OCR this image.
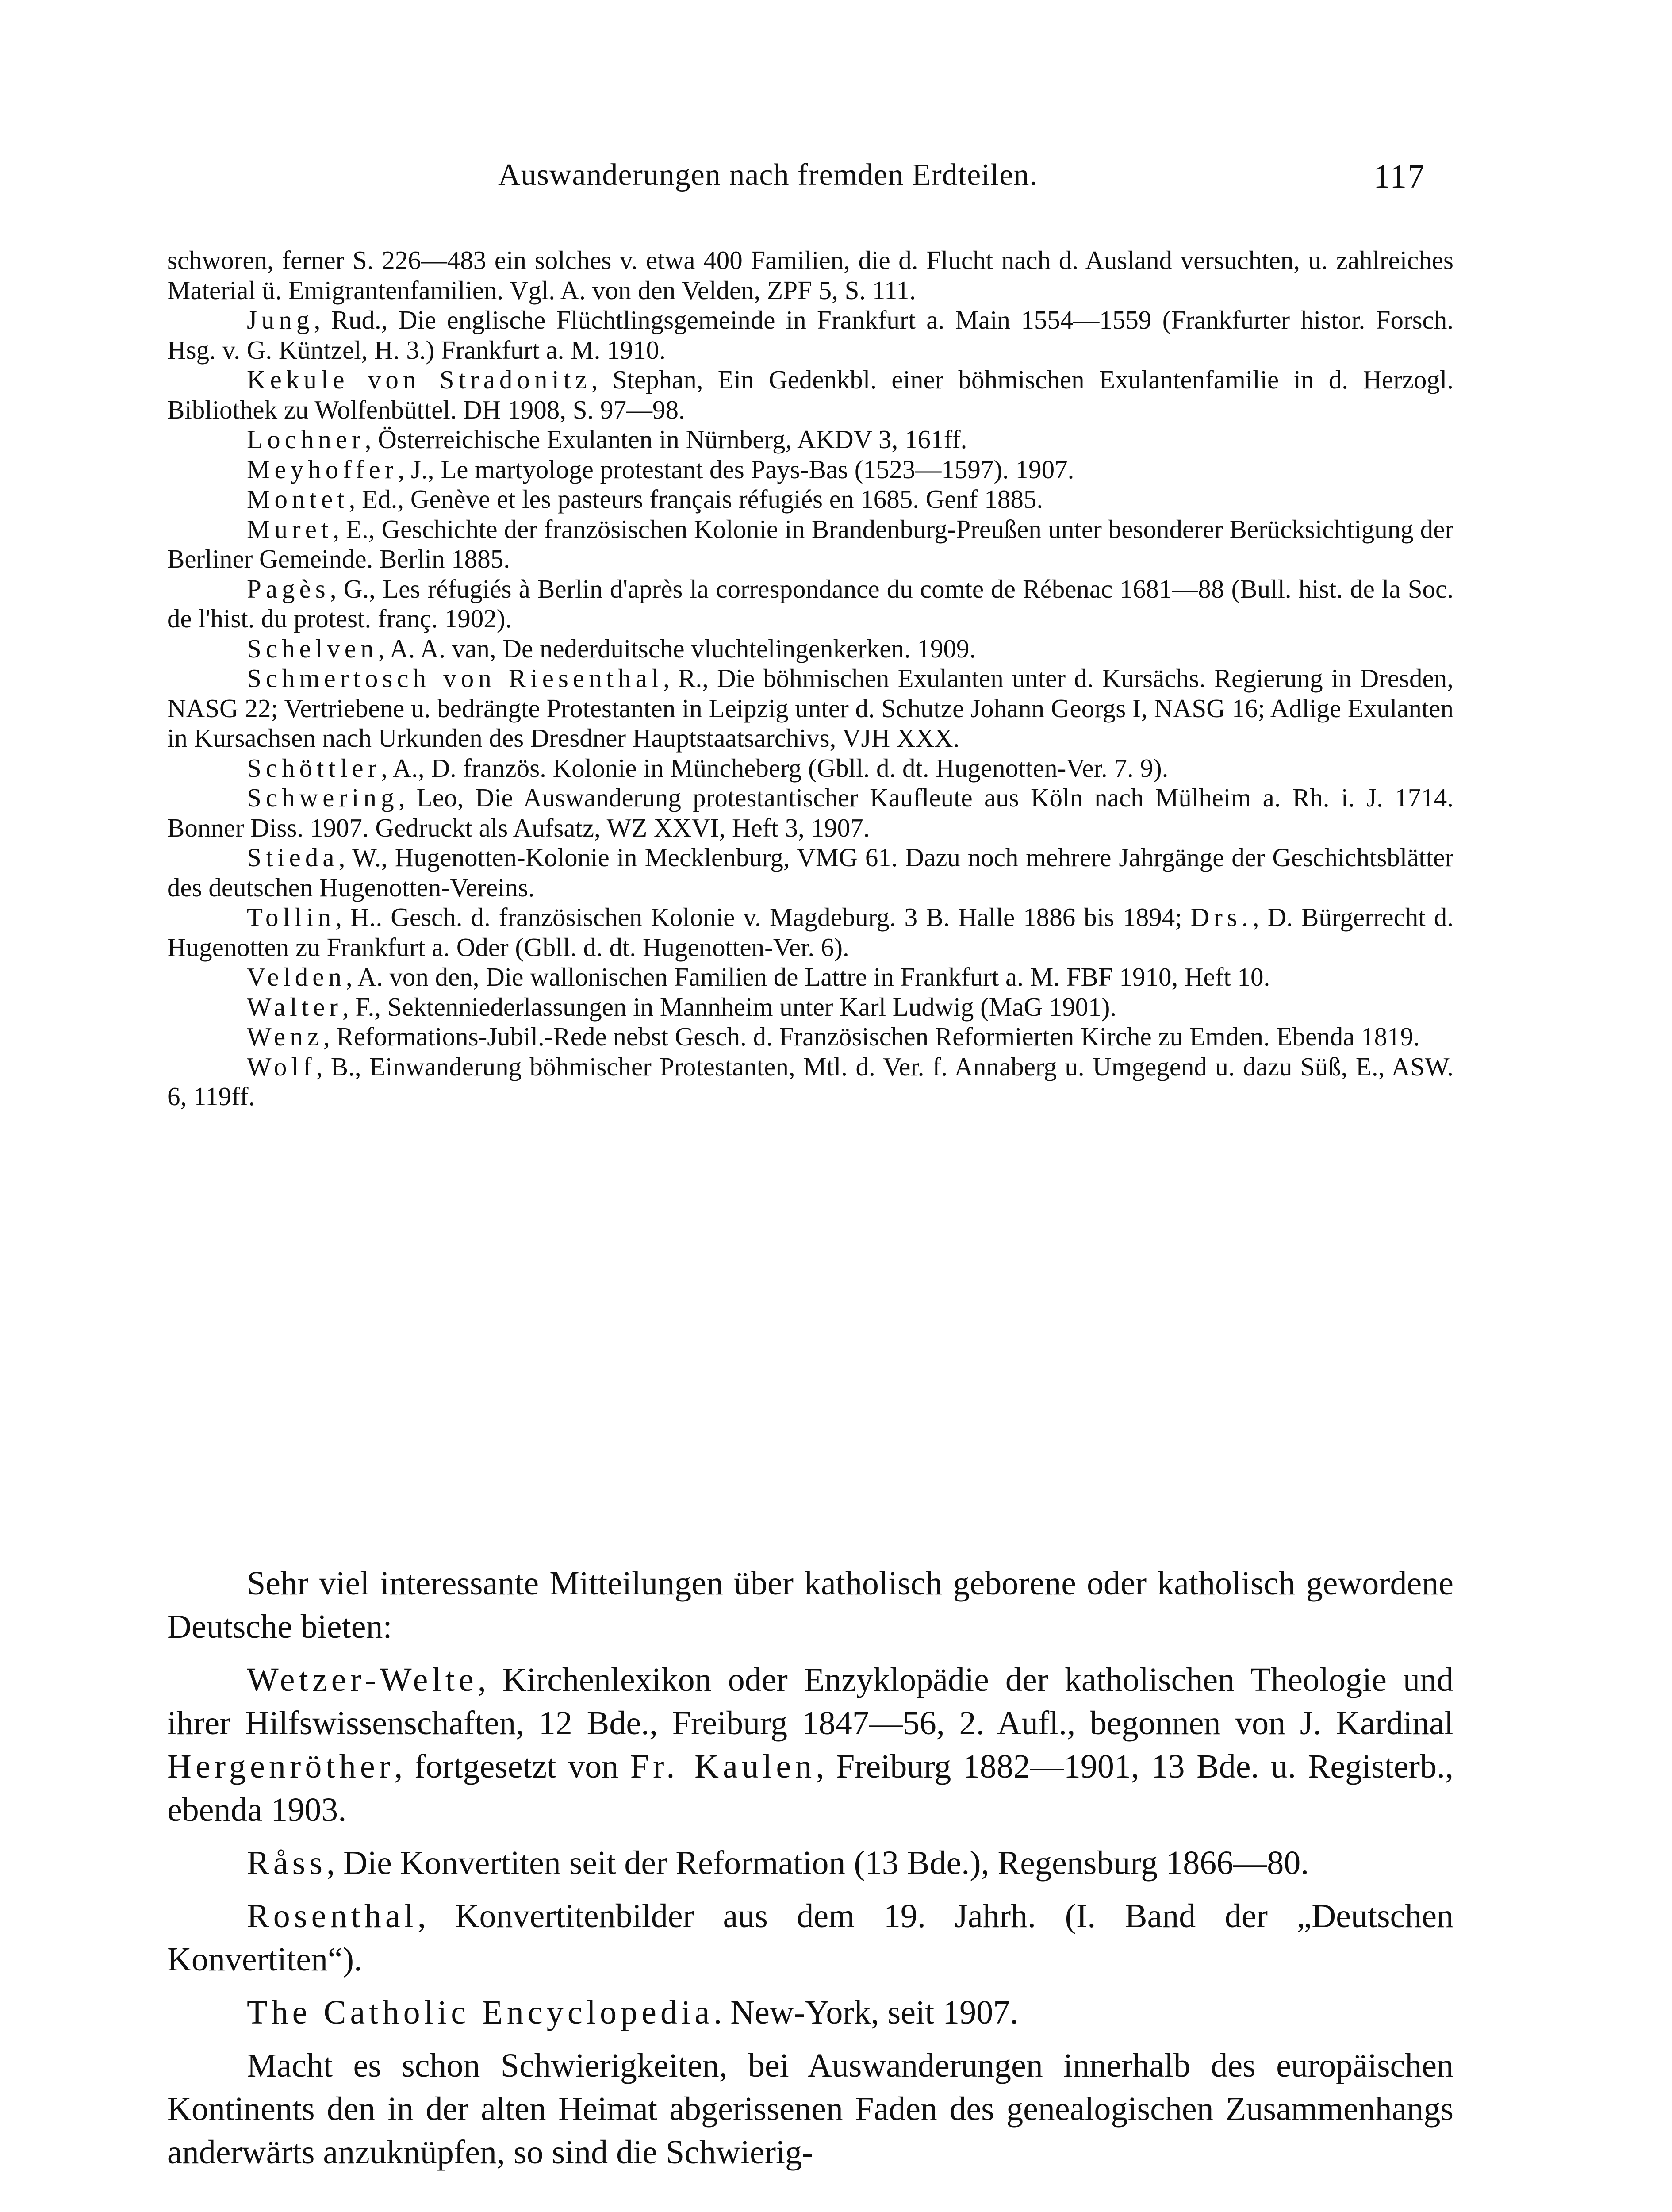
Auswanderungen nach fremden Erdteilen.	117

schworen, ferner S. 226—483 ein solches v. etwa 400 Familien, die d. Flucht nach d. Ausland versuchten, u. zahlreiches Material ü. Emigrantenfamilien. Vgl. A. von den Velden, ZPF 5, S. 111.

Jung, Rud., Die englische Flüchtlingsgemeinde in Frankfurt a. Main 1554—1559 (Frankfurter histor. Forsch. Hsg. v. G. Küntzel, H. 3.) Frankfurt a. M. 1910.

Kekule von Stradonitz, Stephan, Ein Gedenkbl. einer böhmischen Exulantenfamilie in d. Herzogl. Bibliothek zu Wolfenbüttel. DH 1908, S. 97—98.

Lochner, Österreichische Exulanten in Nürnberg, AKDV 3, 161ff.

Meyhoffer, J., Le martyologe protestant des Pays-Bas (1523—1597). 1907.

Montet, Ed., Genève et les pasteurs français réfugiés en 1685. Genf 1885.

Muret, E., Geschichte der französischen Kolonie in Brandenburg-Preußen unter besonderer Berücksichtigung der Berliner Gemeinde. Berlin 1885.

Pagès, G., Les réfugiés à Berlin d'après la correspondance du comte de Rébenac 1681—88 (Bull. hist. de la Soc. de l'hist. du protest. franç. 1902).

Schelven, A. A. van, De nederduitsche vluchtelingenkerken. 1909.

Schmertosch von Riesenthal, R., Die böhmischen Exulanten unter d. Kursächs. Regierung in Dresden, NASG 22; Vertriebene u. bedrängte Protestanten in Leipzig unter d. Schutze Johann Georgs I, NASG 16; Adlige Exulanten in Kursachsen nach Urkunden des Dresdner Hauptstaatsarchivs, VJH XXX.

Schöttler, A., D. französ. Kolonie in Müncheberg (Gbll. d. dt. Hugenotten-Ver. 7. 9).

Schwering, Leo, Die Auswanderung protestantischer Kaufleute aus Köln nach Mülheim a. Rh. i. J. 1714. Bonner Diss. 1907. Gedruckt als Aufsatz, WZ XXVI, Heft 3, 1907.

Stieda, W., Hugenotten-Kolonie in Mecklenburg, VMG 61. Dazu noch mehrere Jahrgänge der Geschichtsblätter des deutschen Hugenotten-Vereins.

Tollin, H.. Gesch. d. französischen Kolonie v. Magdeburg. 3 B. Halle 1886 bis 1894; Drs., D. Bürgerrecht d. Hugenotten zu Frankfurt a. Oder (Gbll. d. dt. Hugenotten-Ver. 6).

Velden, A. von den, Die wallonischen Familien de Lattre in Frankfurt a. M. FBF 1910, Heft 10.

Walter, F., Sektenniederlassungen in Mannheim unter Karl Ludwig (MaG 1901).

Wenz, Reformations-Jubil.-Rede nebst Gesch. d. Französischen Reformierten Kirche zu Emden. Ebenda 1819.

Wolf, B., Einwanderung böhmischer Protestanten, Mtl. d. Ver. f. Annaberg u. Umgegend u. dazu Süß, E., ASW. 6, 119ff.

Sehr viel interessante Mitteilungen über katholisch geborene oder katholisch gewordene Deutsche bieten:

Wetzer-Welte, Kirchenlexikon oder Enzyklopädie der katholischen Theologie und ihrer Hilfswissenschaften, 12 Bde., Freiburg 1847—56, 2. Aufl., begonnen von J. Kardinal Hergenröther, fortgesetzt von Fr. Kaulen, Freiburg 1882—1901, 13 Bde. u. Registerb., ebenda 1903.

Råss, Die Konvertiten seit der Reformation (13 Bde.), Regensburg 1866—80.

Rosenthal, Konvertitenbilder aus dem 19. Jahrh. (I. Band der „Deutschen Konvertiten“).

The Catholic Encyclopedia. New-York, seit 1907.

Macht es schon Schwierigkeiten, bei Auswanderungen innerhalb des europäischen Kontinents den in der alten Heimat abgerissenen Faden des genealogischen Zusammenhangs anderwärts anzuknüpfen, so sind die Schwierig-
